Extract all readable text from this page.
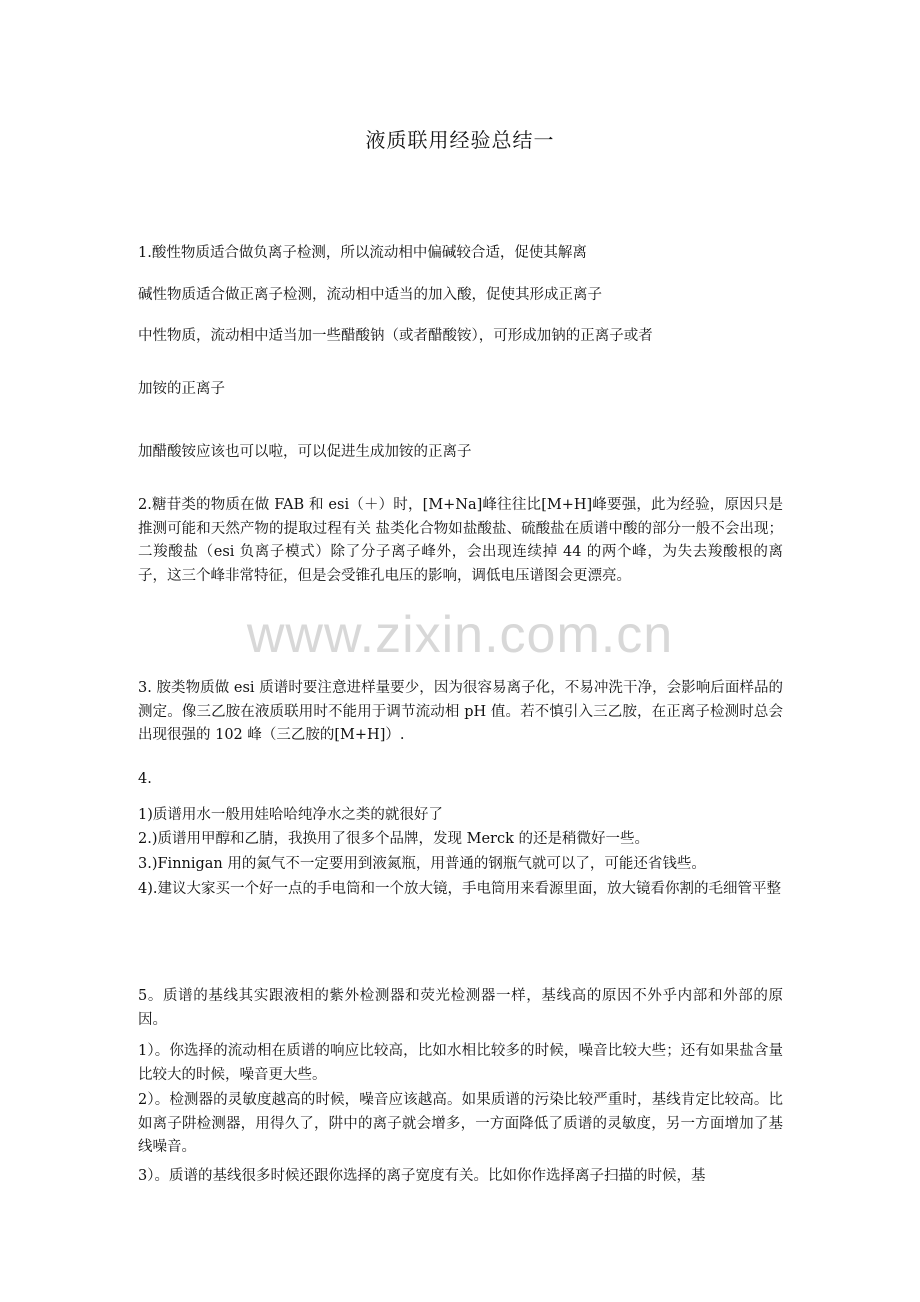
液质联用经验总结一
www.zixin.com.cn
1.酸性物质适合做负离子检测，所以流动相中偏碱较合适，促使其解离
碱性物质适合做正离子检测，流动相中适当的加入酸，促使其形成正离子
中性物质，流动相中适当加一些醋酸钠（或者醋酸铵），可形成加钠的正离子或者
加铵的正离子
加醋酸铵应该也可以啦，可以促进生成加铵的正离子
2.糖苷类的物质在做 FAB 和 esi（＋）时，[M+Na]峰往往比[M+H]峰要强，此为经验，原因只是推测可能和天然产物的提取过程有关 盐类化合物如盐酸盐、硫酸盐在质谱中酸的部分一般不会出现；二羧酸盐（esi 负离子模式）除了分子离子峰外，会出现连续掉 44 的两个峰，为失去羧酸根的离子，这三个峰非常特征，但是会受锥孔电压的影响，调低电压谱图会更漂亮。
3. 胺类物质做 esi 质谱时要注意进样量要少，因为很容易离子化，不易冲洗干净，会影响后面样品的测定。像三乙胺在液质联用时不能用于调节流动相 pH 值。若不慎引入三乙胺，在正离子检测时总会出现很强的 102 峰（三乙胺的[M+H]）.
4.
1)质谱用水一般用娃哈哈纯净水之类的就很好了
2.)质谱用甲醇和乙腈，我换用了很多个品牌，发现 Merck 的还是稍微好一些。
3.)Finnigan 用的氮气不一定要用到液氮瓶，用普通的钢瓶气就可以了，可能还省钱些。
4).建议大家买一个好一点的手电筒和一个放大镜，手电筒用来看源里面，放大镜看你割的毛细管平整
5。质谱的基线其实跟液相的紫外检测器和荧光检测器一样，基线高的原因不外乎内部和外部的原因。
1）。你选择的流动相在质谱的响应比较高，比如水相比较多的时候，噪音比较大些；还有如果盐含量比较大的时候，噪音更大些。
2）。检测器的灵敏度越高的时候，噪音应该越高。如果质谱的污染比较严重时，基线肯定比较高。比如离子阱检测器，用得久了，阱中的离子就会增多，一方面降低了质谱的灵敏度，另一方面增加了基线噪音。
3）。质谱的基线很多时候还跟你选择的离子宽度有关。比如你作选择离子扫描的时候，基
